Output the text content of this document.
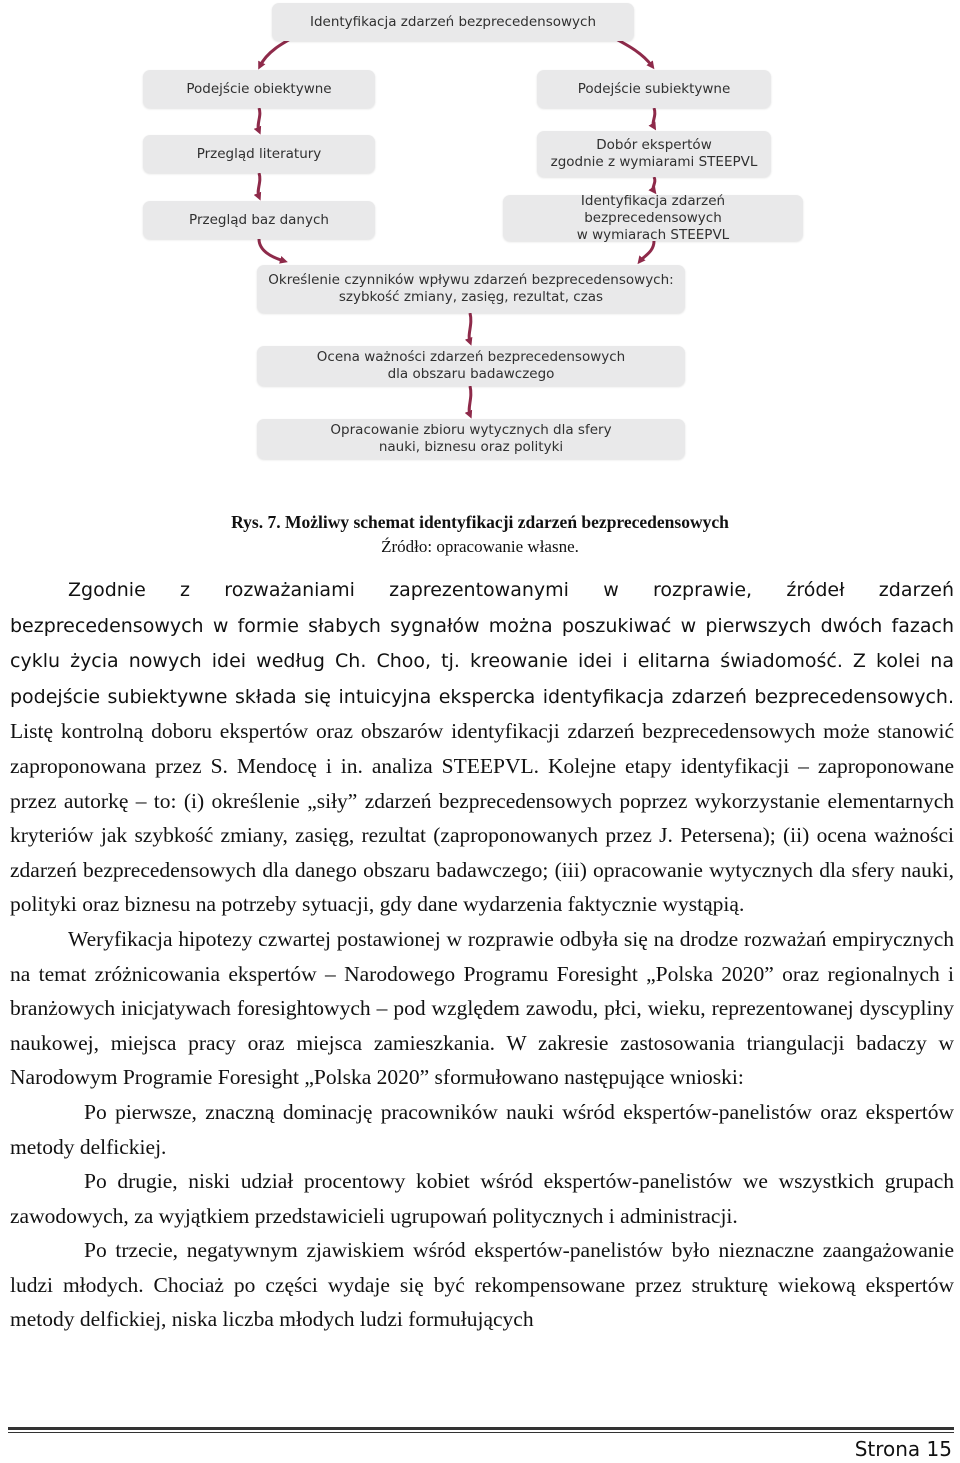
Identyfikacja zdarzeń bezprecedensowych
Podejście obiektywne	Podejście subiektywne
Przegląd literatury
Przegląd baz danych
Dobór ekspertów
zgodnie z wymiarami STEEPVL
Identyfikacja zdarzeń bezprecedensowych
w wymiarach STEEPVL
Określenie czynników wpływu zdarzeń bezprecedensowych:
szybkość zmiany, zasięg, rezultat, czas
Ocena ważności zdarzeń bezprecedensowych
dla obszaru badawczego
Opracowanie zbioru wytycznych dla sfery
nauki, biznesu oraz polityki
Rys. 7. Możliwy schemat identyfikacji zdarzeń bezprecedensowych
Źródło: opracowanie własne.

Zgodnie z rozważaniami zaprezentowanymi w rozprawie, źródeł zdarzeń bezprecedensowych w formie słabych sygnałów można poszukiwać w pierwszych dwóch fazach cyklu życia nowych idei według Ch. Choo, tj. kreowanie idei i elitarna świadomość. Z kolei na podejście subiektywne składa się intuicyjna ekspercka identyfikacja zdarzeń bezprecedensowych. Listę kontrolną doboru ekspertów oraz obszarów identyfikacji zdarzeń bezprecedensowych może stanowić zaproponowana przez S. Mendocę i in. analiza STEEPVL. Kolejne etapy identyfikacji – zaproponowane przez autorkę – to: (i) określenie „siły” zdarzeń bezprecedensowych poprzez wykorzystanie elementarnych kryteriów jak szybkość zmiany, zasięg, rezultat (zaproponowanych przez J. Petersena); (ii) ocena ważności zdarzeń bezprecedensowych dla danego obszaru badawczego; (iii) opracowanie wytycznych dla sfery nauki, polityki oraz biznesu na potrzeby sytuacji, gdy dane wydarzenia faktycznie wystąpią.

Weryfikacja hipotezy czwartej postawionej w rozprawie odbyła się na drodze rozważań empirycznych na temat zróżnicowania ekspertów – Narodowego Programu Foresight „Polska 2020” oraz regionalnych i branżowych inicjatywach foresightowych – pod względem zawodu, płci, wieku, reprezentowanej dyscypliny naukowej, miejsca pracy oraz miejsca zamieszkania. W zakresie zastosowania triangulacji badaczy w Narodowym Programie Foresight „Polska 2020” sformułowano następujące wnioski:

Po pierwsze, znaczną dominację pracowników nauki wśród ekspertów-panelistów oraz ekspertów metody delfickiej.

Po drugie, niski udział procentowy kobiet wśród ekspertów-panelistów we wszystkich grupach zawodowych, za wyjątkiem przedstawicieli ugrupowań politycznych i administracji.

Po trzecie, negatywnym zjawiskiem wśród ekspertów-panelistów było nieznaczne zaangażowanie ludzi młodych. Chociaż po części wydaje się być rekompensowane przez strukturę wiekową ekspertów metody delfickiej, niska liczba młodych ludzi formułujących

Strona 15
